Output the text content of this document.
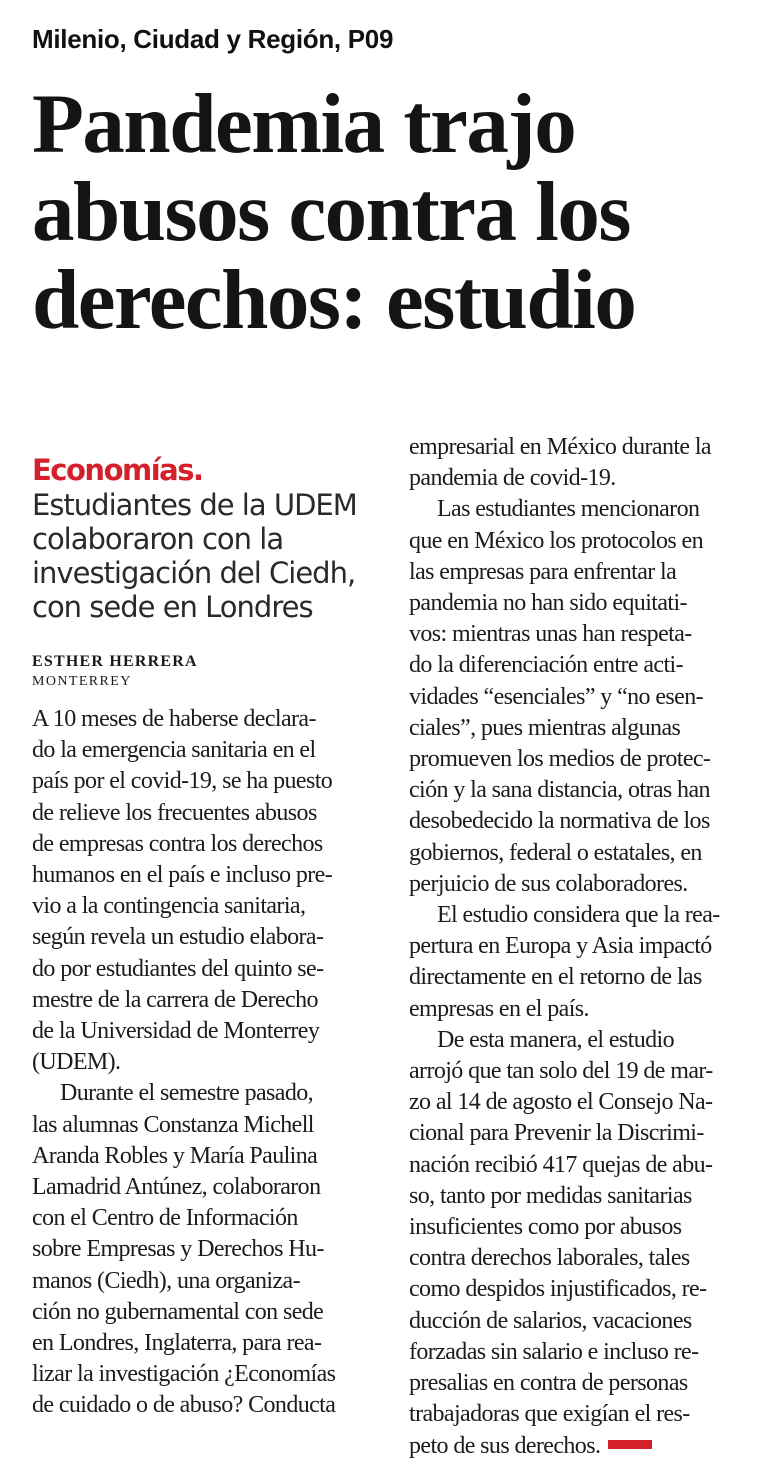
Milenio, Ciudad y Región, P09
Pandemia trajo
abusos contra los
derechos: estudio
Economías.
Estudiantes de la UDEM
colaboraron con la
investigación del Ciedh,
con sede en Londres
ESTHER HERRERA
MONTERREY
A 10 meses de haberse declara-
do la emergencia sanitaria en el
país por el covid-19, se ha puesto
de relieve los frecuentes abusos
de empresas contra los derechos
humanos en el país e incluso pre-
vio a la contingencia sanitaria,
según revela un estudio elabora-
do por estudiantes del quinto se-
mestre de la carrera de Derecho
de la Universidad de Monterrey
(UDEM).
Durante el semestre pasado,
las alumnas Constanza Michell
Aranda Robles y María Paulina
Lamadrid Antúnez, colaboraron
con el Centro de Información
sobre Empresas y Derechos Hu-
manos (Ciedh), una organiza-
ción no gubernamental con sede
en Londres, Inglaterra, para rea-
lizar la investigación ¿Economías
de cuidado o de abuso? Conducta
empresarial en México durante la
pandemia de covid-19.
Las estudiantes mencionaron
que en México los protocolos en
las empresas para enfrentar la
pandemia no han sido equitati-
vos: mientras unas han respeta-
do la diferenciación entre acti-
vidades “esenciales” y “no esen-
ciales”, pues mientras algunas
promueven los medios de protec-
ción y la sana distancia, otras han
desobedecido la normativa de los
gobiernos, federal o estatales, en
perjuicio de sus colaboradores.
El estudio considera que la rea-
pertura en Europa y Asia impactó
directamente en el retorno de las
empresas en el país.
De esta manera, el estudio
arrojó que tan solo del 19 de mar-
zo al 14 de agosto el Consejo Na-
cional para Prevenir la Discrimi-
nación recibió 417 quejas de abu-
so, tanto por medidas sanitarias
insuficientes como por abusos
contra derechos laborales, tales
como despidos injustificados, re-
ducción de salarios, vacaciones
forzadas sin salario e incluso re-
presalias en contra de personas
trabajadoras que exigían el res-
peto de sus derechos.
